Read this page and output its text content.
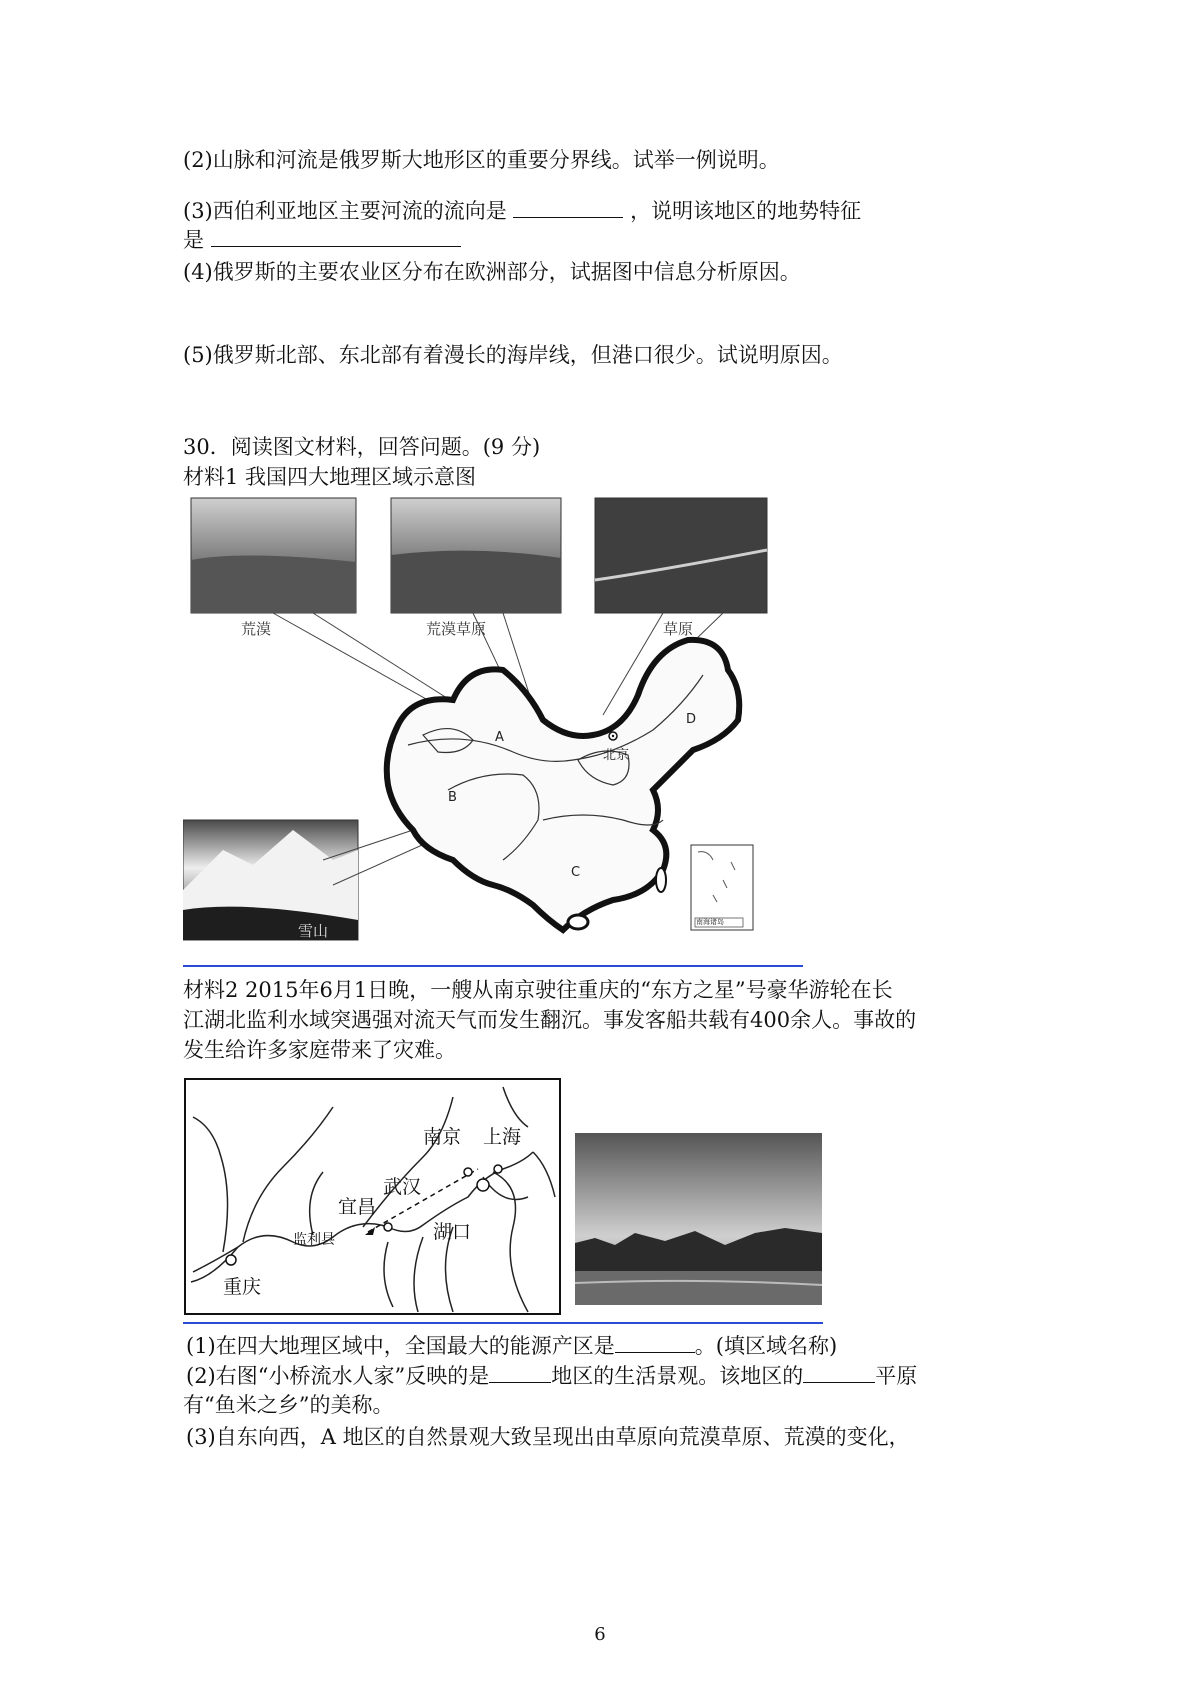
(2)山脉和河流是俄罗斯大地形区的重要分界线。试举一例说明。
(3)西伯利亚地区主要河流的流向是	，说明该地区的地势特征
是
(4)俄罗斯的主要农业区分布在欧洲部分，试据图中信息分析原因。
(5)俄罗斯北部、东北部有着漫长的海岸线，但港口很少。试说明原因。
30．阅读图文材料，回答问题。(9 分)
材料1 我国四大地理区域示意图
荒漠	荒漠草原	草原
雪山
A
B
C
D
北京
南海诸岛
材料2 2015年6月1日晚，一艘从南京驶往重庆的“东方之星”号豪华游轮在长
江湖北监利水域突遇强对流天气而发生翻沉。事发客船共载有400余人。事故的
发生给许多家庭带来了灾难。
南京 上海
武汉
宜昌
监利县	湖口
重庆
(1)在四大地理区域中，全国最大的能源产区是	。(填区域名称)
(2)右图“小桥流水人家”反映的是	地区的生活景观。该地区的	平原
有“鱼米之乡”的美称。
(3)自东向西，A 地区的自然景观大致呈现出由草原向荒漠草原、荒漠的变化，
6
